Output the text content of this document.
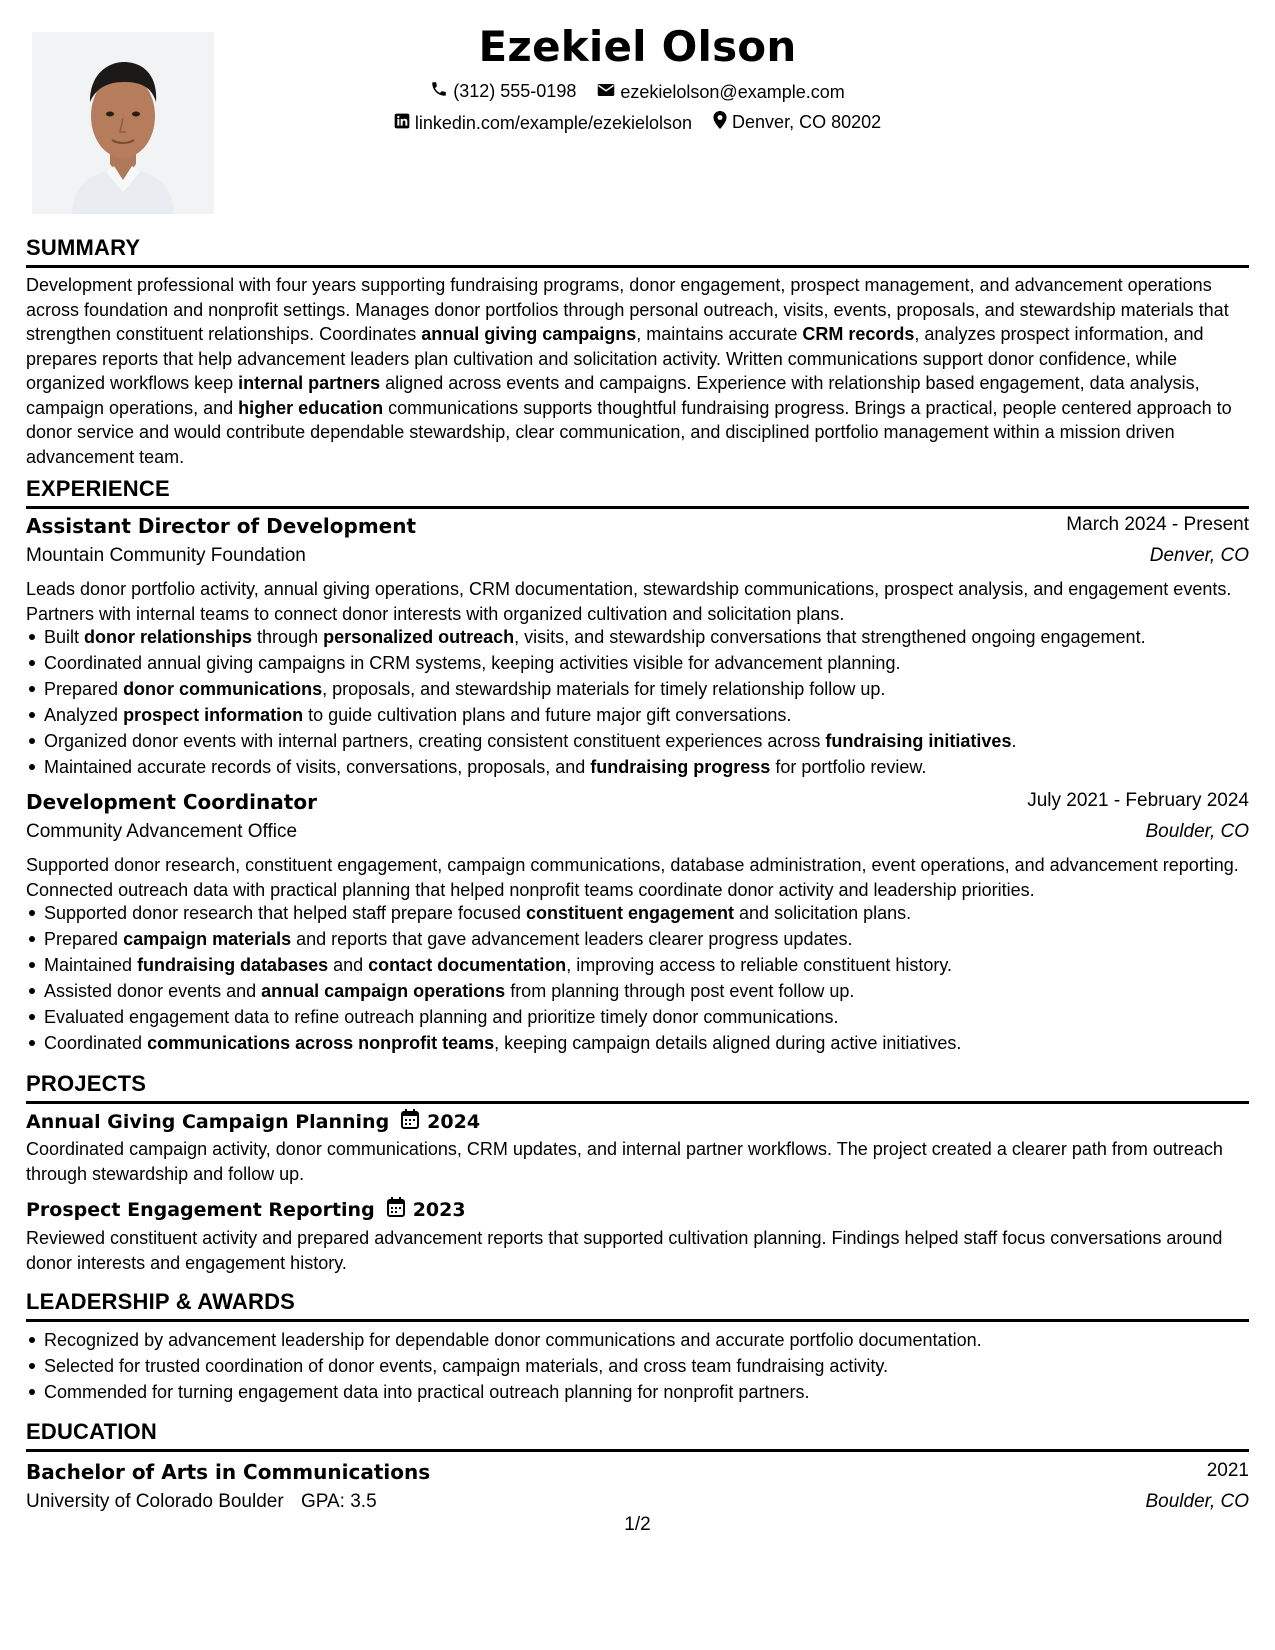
Ezekiel Olson
(312) 555-0198
ezekielolson@example.com
linkedin.com/example/ezekielolson
Denver, CO 80202
SUMMARY
Development professional with four years supporting fundraising programs, donor engagement, prospect management, and advancement operations across foundation and nonprofit settings. Manages donor portfolios through personal outreach, visits, events, proposals, and stewardship materials that strengthen constituent relationships. Coordinates annual giving campaigns, maintains accurate CRM records, analyzes prospect information, and prepares reports that help advancement leaders plan cultivation and solicitation activity. Written communications support donor confidence, while organized workflows keep internal partners aligned across events and campaigns. Experience with relationship based engagement, data analysis, campaign operations, and higher education communications supports thoughtful fundraising progress. Brings a practical, people centered approach to donor service and would contribute dependable stewardship, clear communication, and disciplined portfolio management within a mission driven advancement team.
EXPERIENCE
Assistant Director of Development	March 2024 - Present
Mountain Community Foundation	Denver, CO
Leads donor portfolio activity, annual giving operations, CRM documentation, stewardship communications, prospect analysis, and engagement events. Partners with internal teams to connect donor interests with organized cultivation and solicitation plans.
Built donor relationships through personalized outreach, visits, and stewardship conversations that strengthened ongoing engagement.
Coordinated annual giving campaigns in CRM systems, keeping activities visible for advancement planning.
Prepared donor communications, proposals, and stewardship materials for timely relationship follow up.
Analyzed prospect information to guide cultivation plans and future major gift conversations.
Organized donor events with internal partners, creating consistent constituent experiences across fundraising initiatives.
Maintained accurate records of visits, conversations, proposals, and fundraising progress for portfolio review.
Development Coordinator	July 2021 - February 2024
Community Advancement Office	Boulder, CO
Supported donor research, constituent engagement, campaign communications, database administration, event operations, and advancement reporting. Connected outreach data with practical planning that helped nonprofit teams coordinate donor activity and leadership priorities.
Supported donor research that helped staff prepare focused constituent engagement and solicitation plans.
Prepared campaign materials and reports that gave advancement leaders clearer progress updates.
Maintained fundraising databases and contact documentation, improving access to reliable constituent history.
Assisted donor events and annual campaign operations from planning through post event follow up.
Evaluated engagement data to refine outreach planning and prioritize timely donor communications.
Coordinated communications across nonprofit teams, keeping campaign details aligned during active initiatives.
PROJECTS
Annual Giving Campaign Planning 2024
Coordinated campaign activity, donor communications, CRM updates, and internal partner workflows. The project created a clearer path from outreach through stewardship and follow up.
Prospect Engagement Reporting 2023
Reviewed constituent activity and prepared advancement reports that supported cultivation planning. Findings helped staff focus conversations around donor interests and engagement history.
LEADERSHIP & AWARDS
Recognized by advancement leadership for dependable donor communications and accurate portfolio documentation.
Selected for trusted coordination of donor events, campaign materials, and cross team fundraising activity.
Commended for turning engagement data into practical outreach planning for nonprofit partners.
EDUCATION
Bachelor of Arts in Communications	2021
University of Colorado Boulder GPA: 3.5	Boulder, CO
1/2
